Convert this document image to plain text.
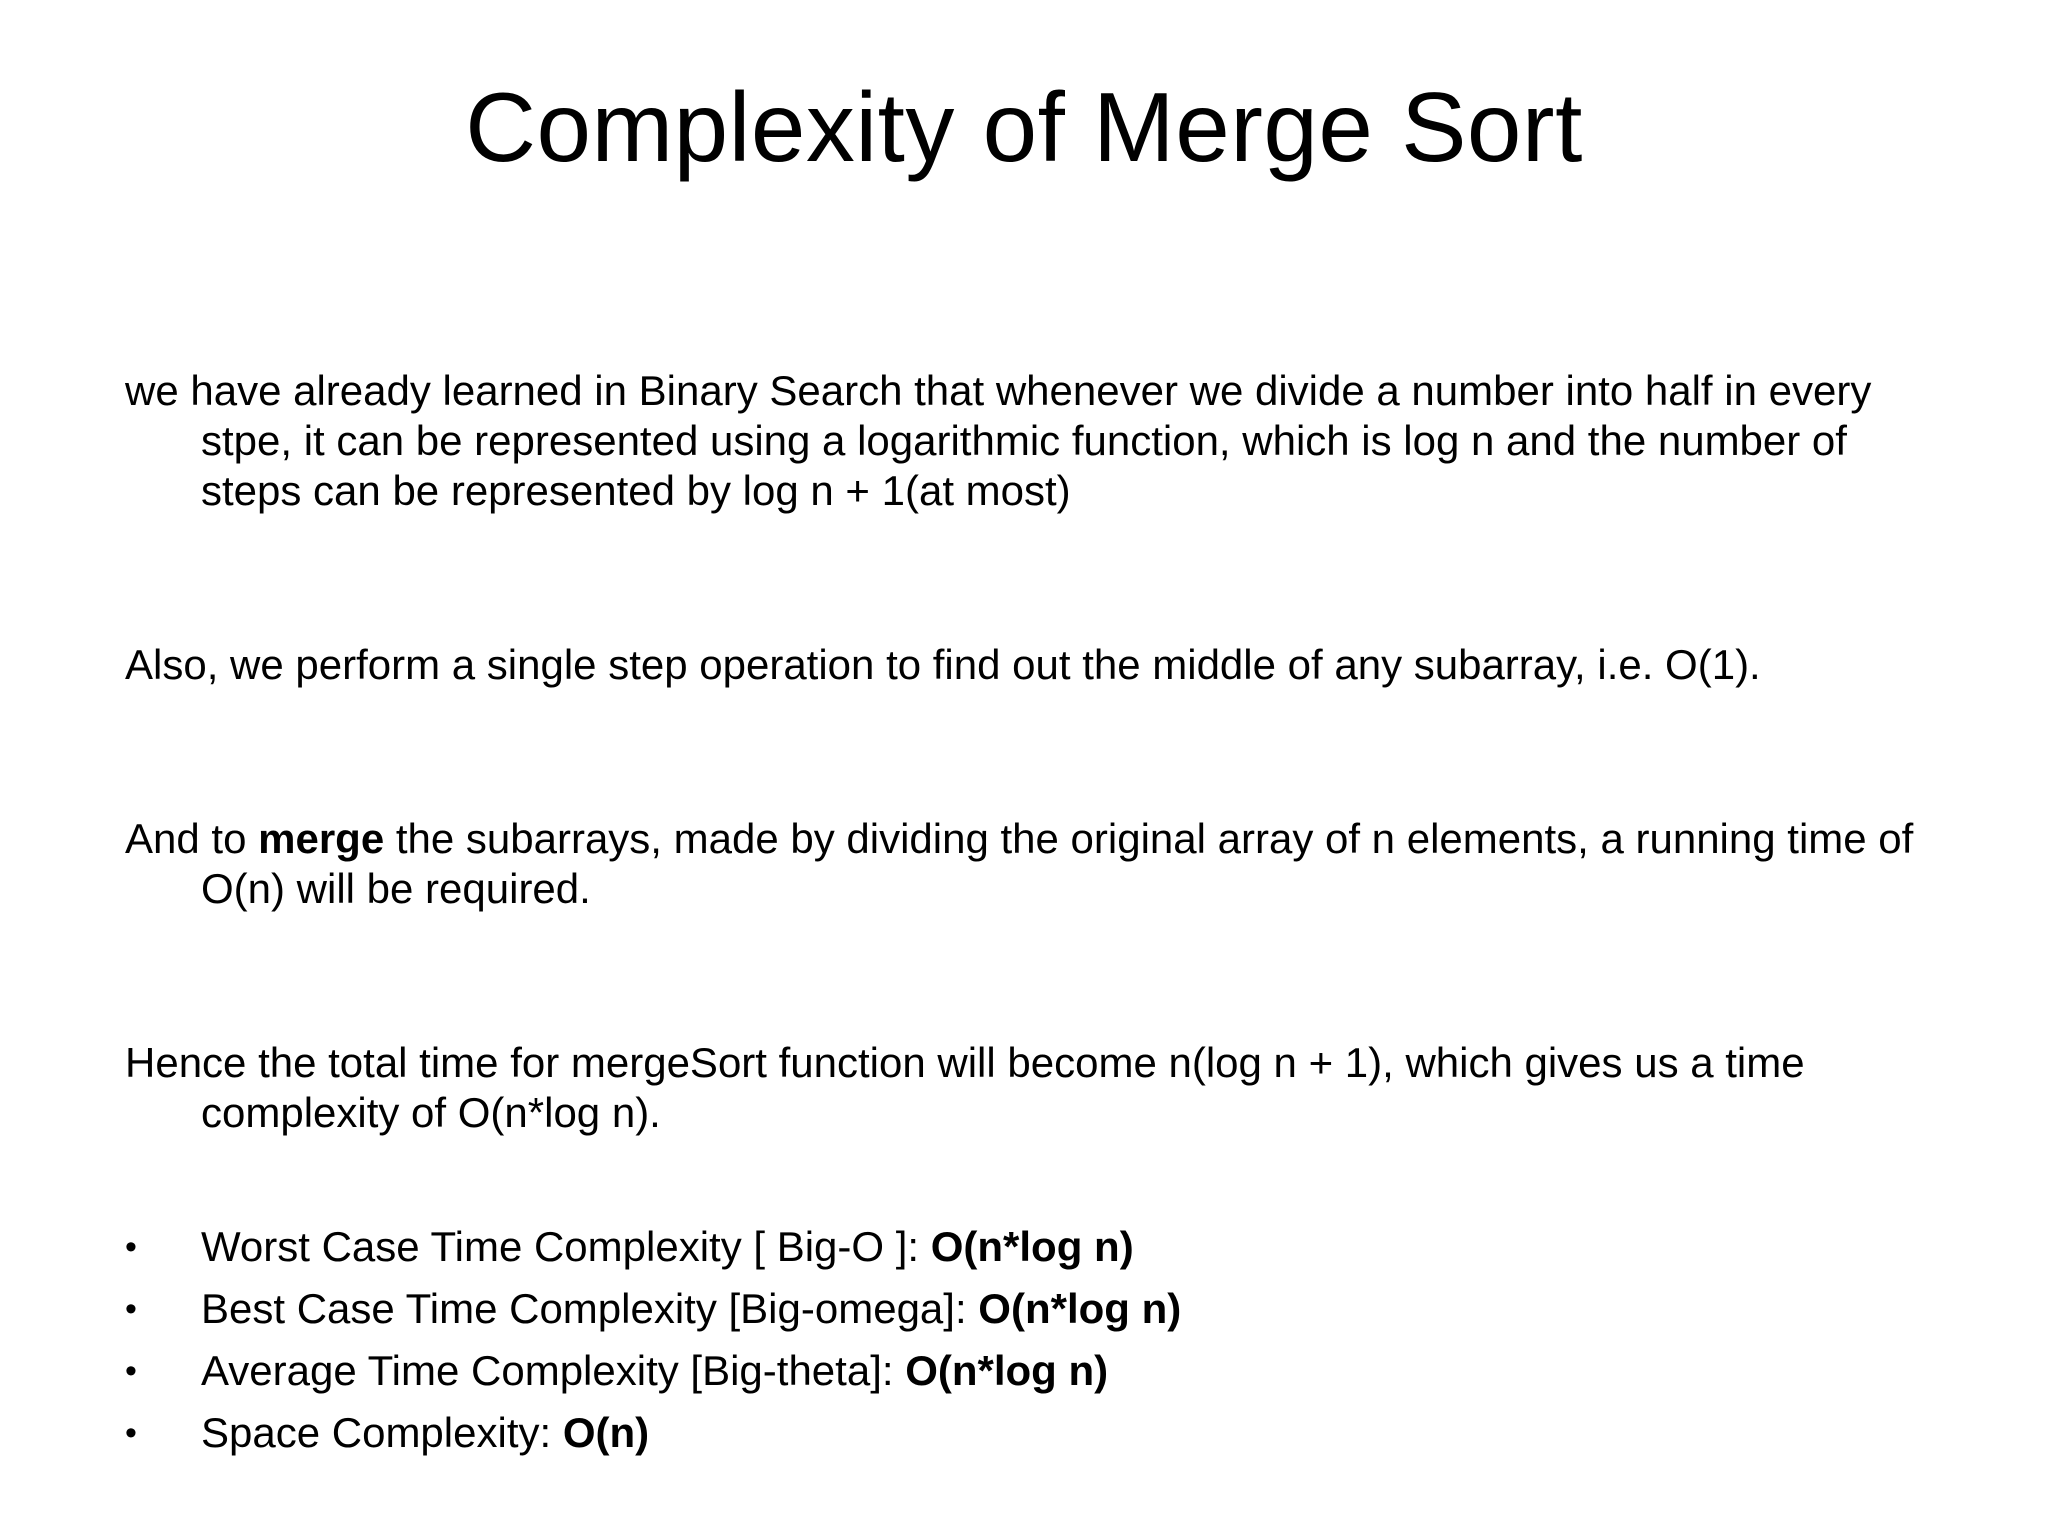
Complexity of Merge Sort

we have already learned in Binary Search that whenever we divide a number into half in every stpe, it can be represented using a logarithmic function, which is log n and the number of steps can be represented by log n + 1(at most)

Also, we perform a single step operation to find out the middle of any subarray, i.e. O(1).

And to merge the subarrays, made by dividing the original array of n elements, a running time of O(n) will be required.

Hence the total time for mergeSort function will become n(log n + 1), which gives us a time complexity of O(n*log n).

•	Worst Case Time Complexity [ Big-O ]: O(n*log n)
•	Best Case Time Complexity [Big-omega]: O(n*log n)
•	Average Time Complexity [Big-theta]: O(n*log n)
•	Space Complexity: O(n)
